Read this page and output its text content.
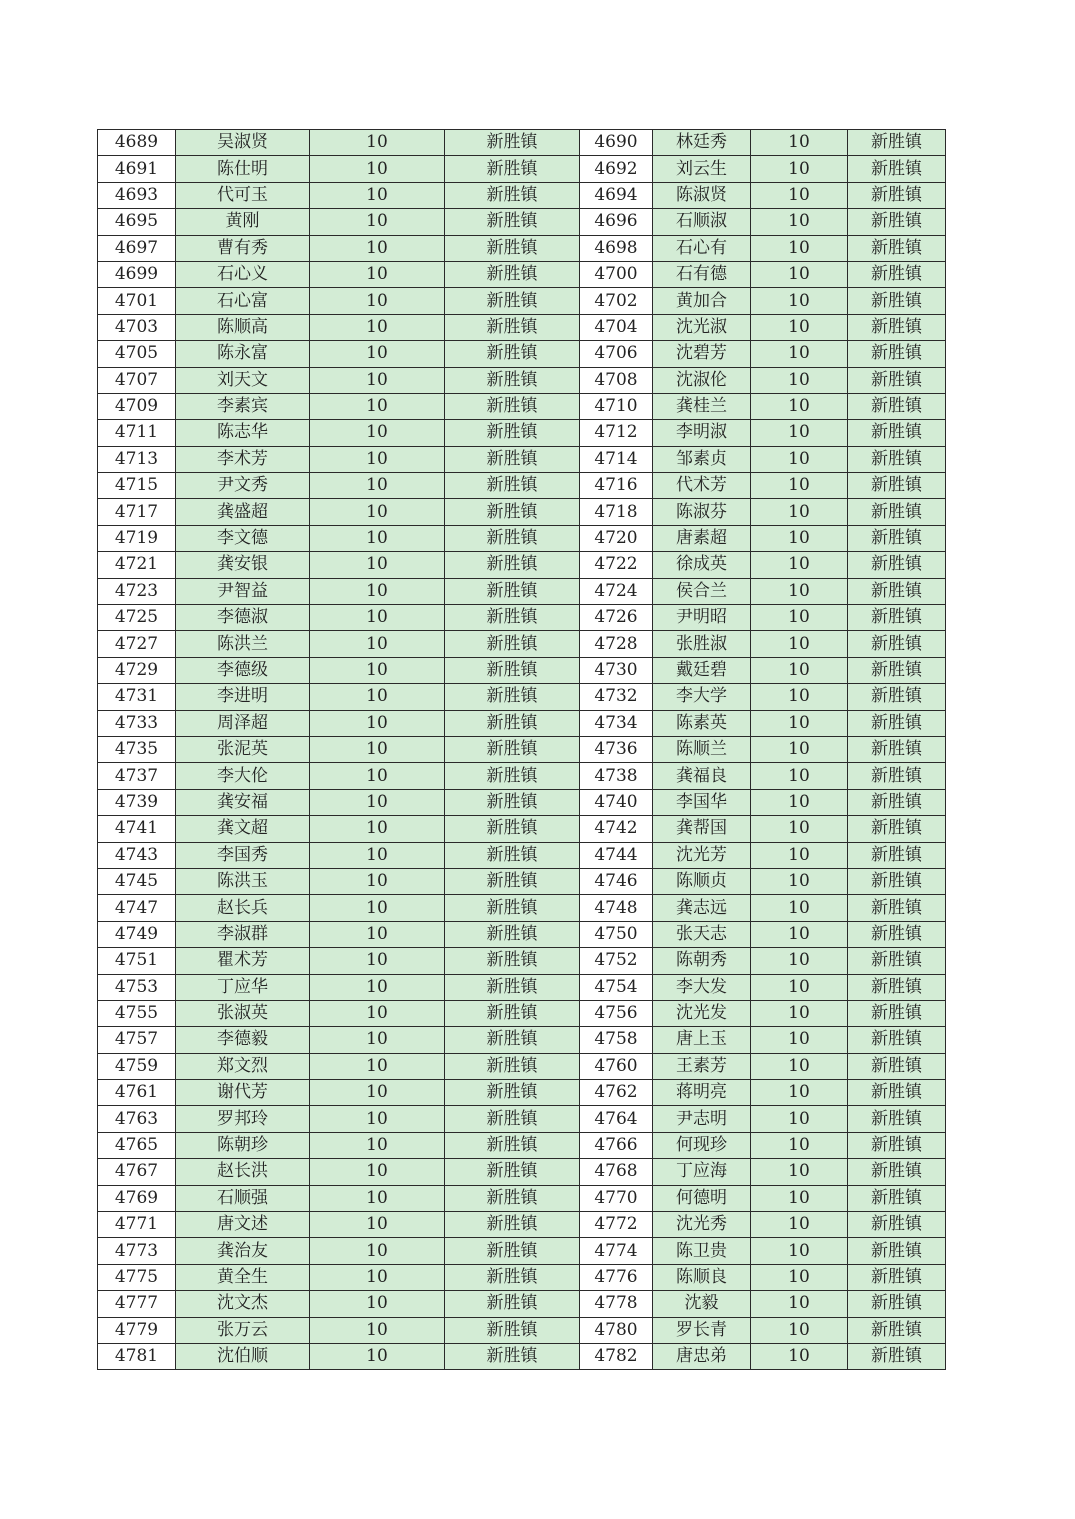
4689	吴淑贤	10	新胜镇	4690	林廷秀	10	新胜镇
4691	陈仕明	10	新胜镇	4692	刘云生	10	新胜镇
4693	代可玉	10	新胜镇	4694	陈淑贤	10	新胜镇
4695	黄刚	10	新胜镇	4696	石顺淑	10	新胜镇
4697	曹有秀	10	新胜镇	4698	石心有	10	新胜镇
4699	石心义	10	新胜镇	4700	石有德	10	新胜镇
4701	石心富	10	新胜镇	4702	黄加合	10	新胜镇
4703	陈顺高	10	新胜镇	4704	沈光淑	10	新胜镇
4705	陈永富	10	新胜镇	4706	沈碧芳	10	新胜镇
4707	刘天文	10	新胜镇	4708	沈淑伦	10	新胜镇
4709	李素宾	10	新胜镇	4710	龚桂兰	10	新胜镇
4711	陈志华	10	新胜镇	4712	李明淑	10	新胜镇
4713	李术芳	10	新胜镇	4714	邹素贞	10	新胜镇
4715	尹文秀	10	新胜镇	4716	代术芳	10	新胜镇
4717	龚盛超	10	新胜镇	4718	陈淑芬	10	新胜镇
4719	李文德	10	新胜镇	4720	唐素超	10	新胜镇
4721	龚安银	10	新胜镇	4722	徐成英	10	新胜镇
4723	尹智益	10	新胜镇	4724	侯合兰	10	新胜镇
4725	李德淑	10	新胜镇	4726	尹明昭	10	新胜镇
4727	陈洪兰	10	新胜镇	4728	张胜淑	10	新胜镇
4729	李德级	10	新胜镇	4730	戴廷碧	10	新胜镇
4731	李进明	10	新胜镇	4732	李大学	10	新胜镇
4733	周泽超	10	新胜镇	4734	陈素英	10	新胜镇
4735	张泥英	10	新胜镇	4736	陈顺兰	10	新胜镇
4737	李大伦	10	新胜镇	4738	龚福良	10	新胜镇
4739	龚安福	10	新胜镇	4740	李国华	10	新胜镇
4741	龚文超	10	新胜镇	4742	龚帮国	10	新胜镇
4743	李国秀	10	新胜镇	4744	沈光芳	10	新胜镇
4745	陈洪玉	10	新胜镇	4746	陈顺贞	10	新胜镇
4747	赵长兵	10	新胜镇	4748	龚志远	10	新胜镇
4749	李淑群	10	新胜镇	4750	张天志	10	新胜镇
4751	瞿术芳	10	新胜镇	4752	陈朝秀	10	新胜镇
4753	丁应华	10	新胜镇	4754	李大发	10	新胜镇
4755	张淑英	10	新胜镇	4756	沈光发	10	新胜镇
4757	李德毅	10	新胜镇	4758	唐上玉	10	新胜镇
4759	郑文烈	10	新胜镇	4760	王素芳	10	新胜镇
4761	谢代芳	10	新胜镇	4762	蒋明亮	10	新胜镇
4763	罗邦玲	10	新胜镇	4764	尹志明	10	新胜镇
4765	陈朝珍	10	新胜镇	4766	何现珍	10	新胜镇
4767	赵长洪	10	新胜镇	4768	丁应海	10	新胜镇
4769	石顺强	10	新胜镇	4770	何德明	10	新胜镇
4771	唐文述	10	新胜镇	4772	沈光秀	10	新胜镇
4773	龚治友	10	新胜镇	4774	陈卫贵	10	新胜镇
4775	黄全生	10	新胜镇	4776	陈顺良	10	新胜镇
4777	沈文杰	10	新胜镇	4778	沈毅	10	新胜镇
4779	张万云	10	新胜镇	4780	罗长青	10	新胜镇
4781	沈伯顺	10	新胜镇	4782	唐忠弟	10	新胜镇
